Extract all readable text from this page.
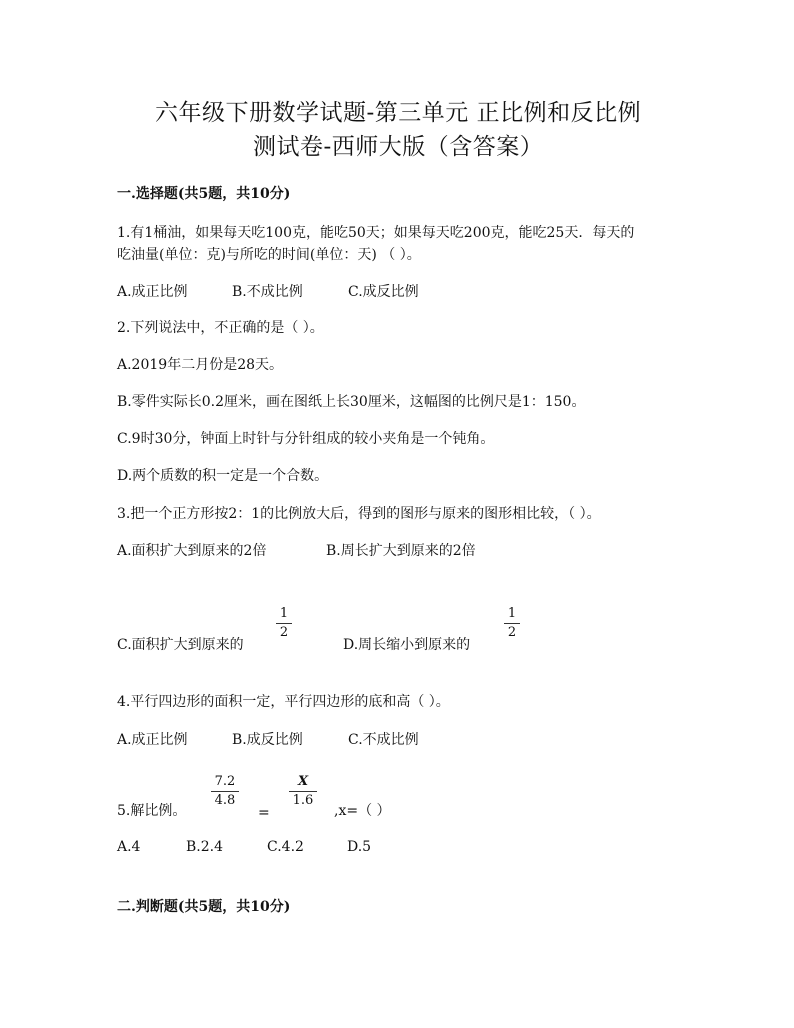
六年级下册数学试题-第三单元 正比例和反比例
测试卷-西师大版（含答案）
一.选择题(共5题，共10分)
1.有1桶油，如果每天吃100克，能吃50天；如果每天吃200克，能吃25天．每天的
吃油量(单位：克)与所吃的时间(单位：天) （ ）。
A.成正比例	B.不成比例	C.成反比例
2.下列说法中，不正确的是（ ）。
A.2019年二月份是28天。
B.零件实际长0.2厘米，画在图纸上长30厘米，这幅图的比例尺是1：150。
C.9时30分，钟面上时针与分针组成的较小夹角是一个钝角。
D.两个质数的积一定是一个合数。
3.把一个正方形按2：1的比例放大后，得到的图形与原来的图形相比较，（ ）。
A.面积扩大到原来的2倍	B.周长扩大到原来的2倍
C.面积扩大到原来的
1
2
D.周长缩小到原来的
1
2
4.平行四边形的面积一定，平行四边形的底和高（ ）。
A.成正比例	B.成反比例	C.不成比例
5.解比例。
7.2
4.8
=
X
1.6
,x=（ ）
A.4	B.2.4	C.4.2	D.5
二.判断题(共5题，共10分)
